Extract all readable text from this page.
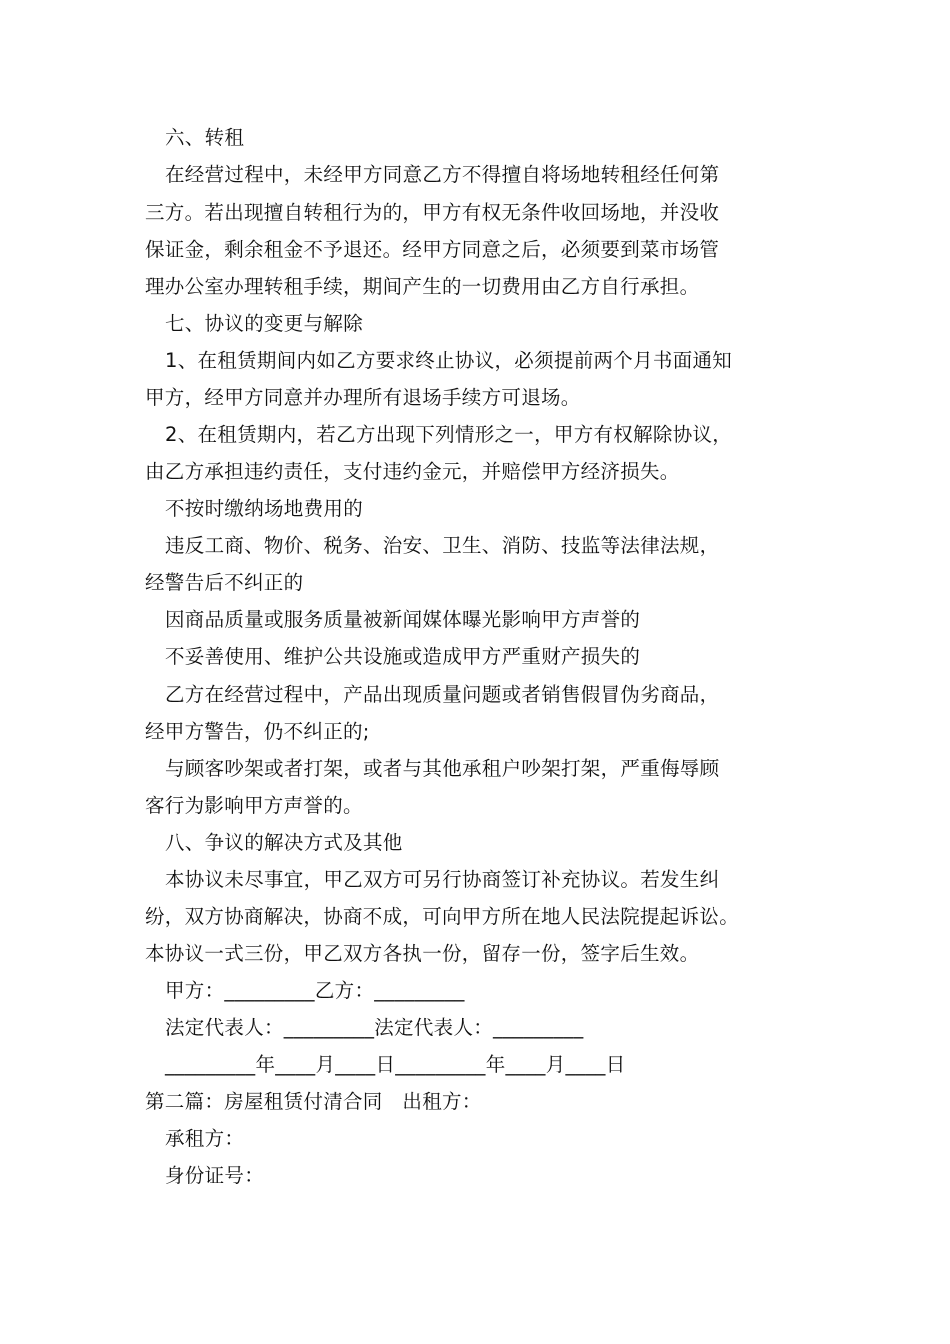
六、转租
在经营过程中，未经甲方同意乙方不得擅自将场地转租经任何第
三方。若出现擅自转租行为的，甲方有权无条件收回场地，并没收
保证金，剩余租金不予退还。经甲方同意之后，必须要到菜市场管
理办公室办理转租手续，期间产生的一切费用由乙方自行承担。
七、协议的变更与解除
1、在租赁期间内如乙方要求终止协议，必须提前两个月书面通知
甲方，经甲方同意并办理所有退场手续方可退场。
2、在租赁期内，若乙方出现下列情形之一，甲方有权解除协议，
由乙方承担违约责任，支付违约金元，并赔偿甲方经济损失。
不按时缴纳场地费用的
违反工商、物价、税务、治安、卫生、消防、技监等法律法规，
经警告后不纠正的
因商品质量或服务质量被新闻媒体曝光影响甲方声誉的
不妥善使用、维护公共设施或造成甲方严重财产损失的
乙方在经营过程中，产品出现质量问题或者销售假冒伪劣商品，
经甲方警告，仍不纠正的;
与顾客吵架或者打架，或者与其他承租户吵架打架，严重侮辱顾
客行为影响甲方声誉的。
八、争议的解决方式及其他
本协议未尽事宜，甲乙双方可另行协商签订补充协议。若发生纠
纷，双方协商解决，协商不成，可向甲方所在地人民法院提起诉讼。
本协议一式三份，甲乙双方各执一份，留存一份，签字后生效。
甲方：_________乙方：_________
法定代表人：_________法定代表人：_________
_________年____月____日_________年____月____日
第二篇：房屋租赁付清合同　出租方：
承租方：
身份证号：
